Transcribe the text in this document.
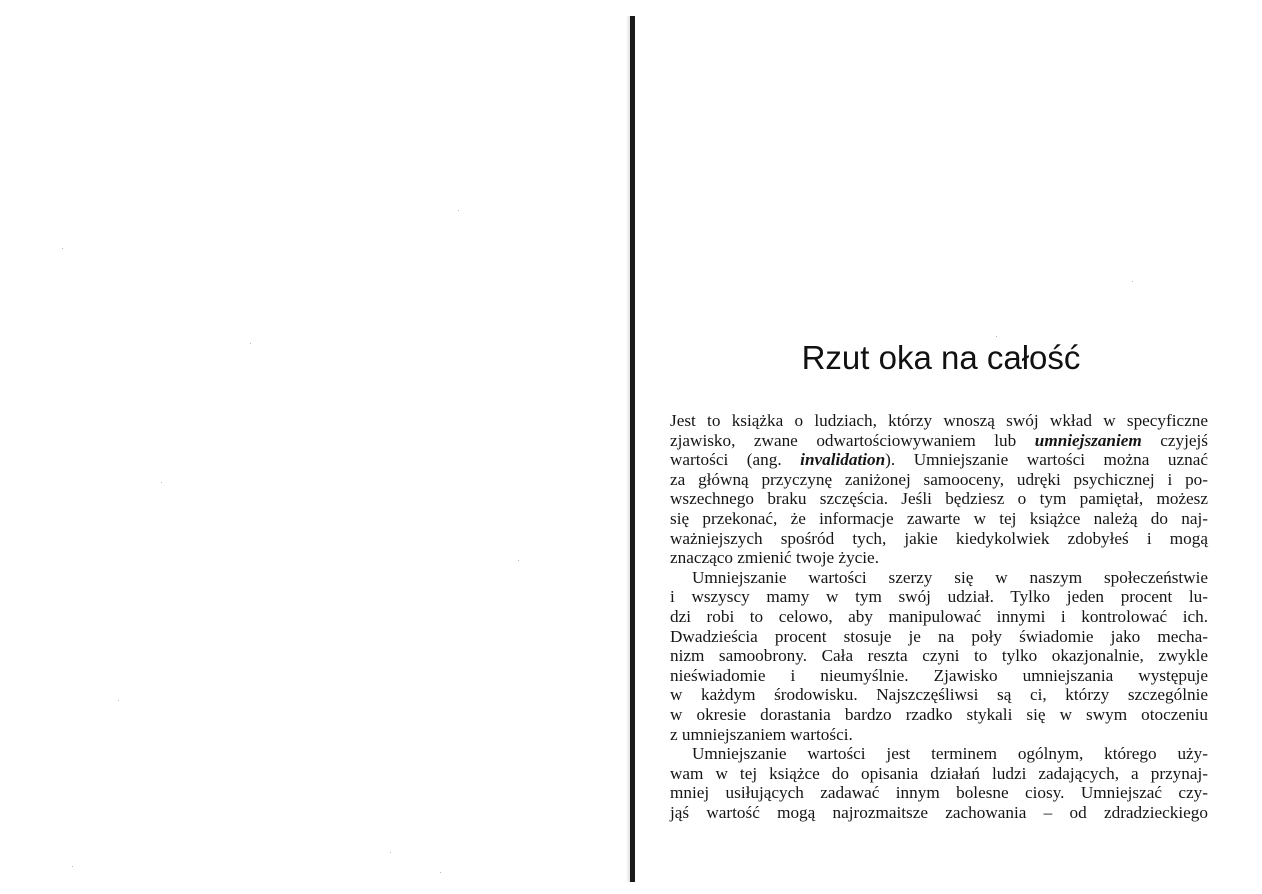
Rzut oka na całość
Jest to książka o ludziach, którzy wnoszą swój wkład w specyficzne
zjawisko, zwane odwartościowywaniem lub umniejszaniem czyjejś
wartości (ang. invalidation). Umniejszanie wartości można uznać
za główną przyczynę zaniżonej samooceny, udręki psychicznej i po-
wszechnego braku szczęścia. Jeśli będziesz o tym pamiętał, możesz
się przekonać, że informacje zawarte w tej książce należą do naj-
ważniejszych spośród tych, jakie kiedykolwiek zdobyłeś i mogą
znacząco zmienić twoje życie.
Umniejszanie wartości szerzy się w naszym społeczeństwie
i wszyscy mamy w tym swój udział. Tylko jeden procent lu-
dzi robi to celowo, aby manipulować innymi i kontrolować ich.
Dwadzieścia procent stosuje je na poły świadomie jako mecha-
nizm samoobrony. Cała reszta czyni to tylko okazjonalnie, zwykle
nieświadomie i nieumyślnie. Zjawisko umniejszania występuje
w każdym środowisku. Najszczęśliwsi są ci, którzy szczególnie
w okresie dorastania bardzo rzadko stykali się w swym otoczeniu
z umniejszaniem wartości.
Umniejszanie wartości jest terminem ogólnym, którego uży-
wam w tej książce do opisania działań ludzi zadających, a przynaj-
mniej usiłujących zadawać innym bolesne ciosy. Umniejszać czy-
jąś wartość mogą najrozmaitsze zachowania – od zdradzieckiego
